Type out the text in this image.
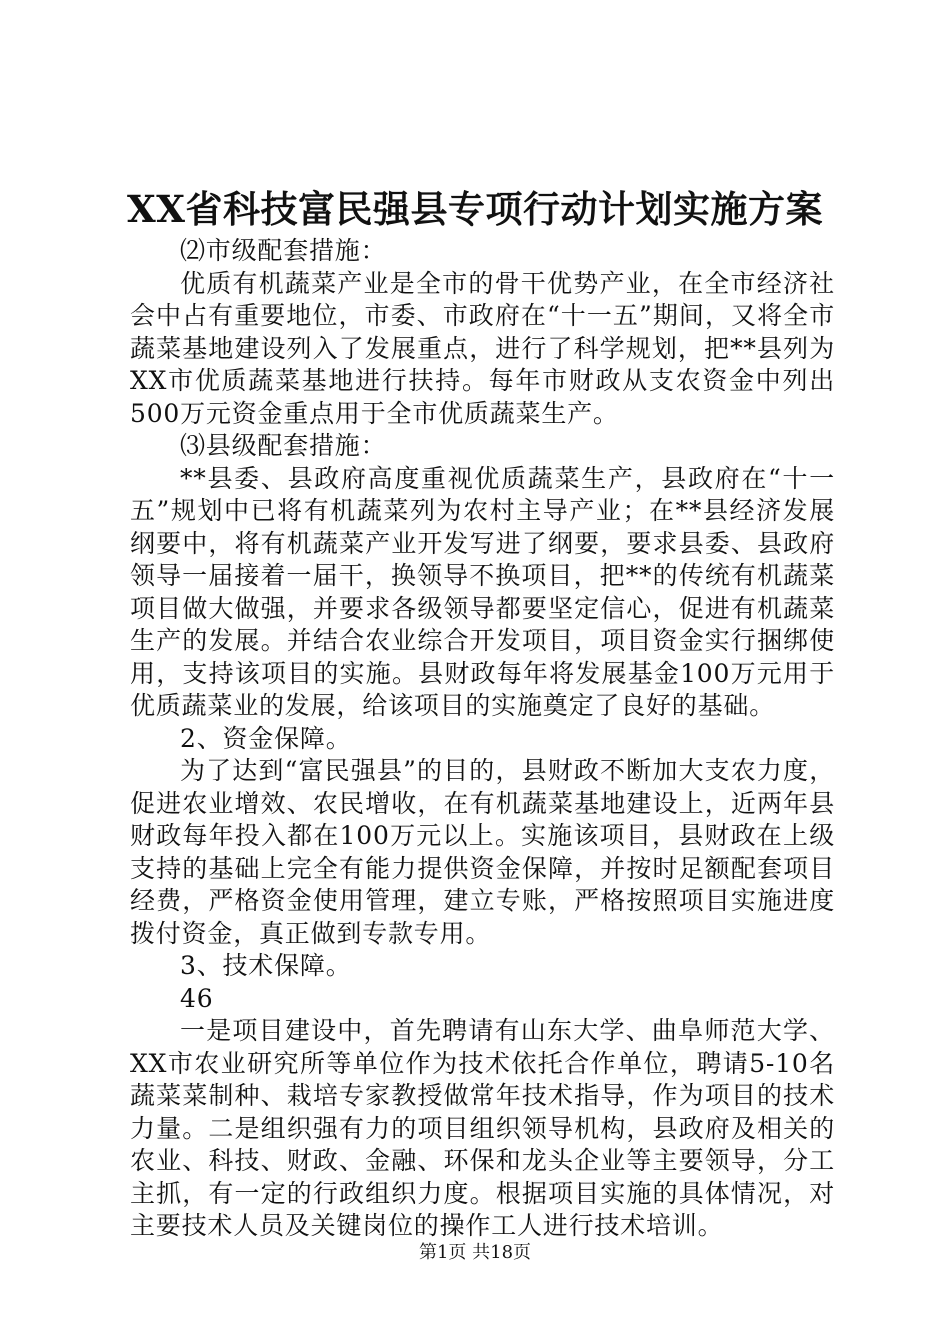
XX省科技富民强县专项行动计划实施方案

⑵市级配套措施：

优质有机蔬菜产业是全市的骨干优势产业，在全市经济社会中占有重要地位，市委、市政府在“十一五”期间，又将全市蔬菜基地建设列入了发展重点，进行了科学规划，把**县列为XX市优质蔬菜基地进行扶持。每年市财政从支农资金中列出500万元资金重点用于全市优质蔬菜生产。

⑶县级配套措施：

**县委、县政府高度重视优质蔬菜生产，县政府在“十一五”规划中已将有机蔬菜列为农村主导产业；在**县经济发展纲要中，将有机蔬菜产业开发写进了纲要，要求县委、县政府领导一届接着一届干，换领导不换项目，把**的传统有机蔬菜项目做大做强，并要求各级领导都要坚定信心，促进有机蔬菜生产的发展。并结合农业综合开发项目，项目资金实行捆绑使用，支持该项目的实施。县财政每年将发展基金100万元用于优质蔬菜业的发展，给该项目的实施奠定了良好的基础。

2、资金保障。

为了达到“富民强县”的目的，县财政不断加大支农力度，促进农业增效、农民增收，在有机蔬菜基地建设上，近两年县财政每年投入都在100万元以上。实施该项目，县财政在上级支持的基础上完全有能力提供资金保障，并按时足额配套项目经费，严格资金使用管理，建立专账，严格按照项目实施进度拨付资金，真正做到专款专用。

3、技术保障。

46

一是项目建设中，首先聘请有山东大学、曲阜师范大学、XX市农业研究所等单位作为技术依托合作单位，聘请5-10名蔬菜菜制种、栽培专家教授做常年技术指导，作为项目的技术力量。二是组织强有力的项目组织领导机构，县政府及相关的农业、科技、财政、金融、环保和龙头企业等主要领导，分工主抓，有一定的行政组织力度。根据项目实施的具体情况，对主要技术人员及关键岗位的操作工人进行技术培训。

第1页 共18页
